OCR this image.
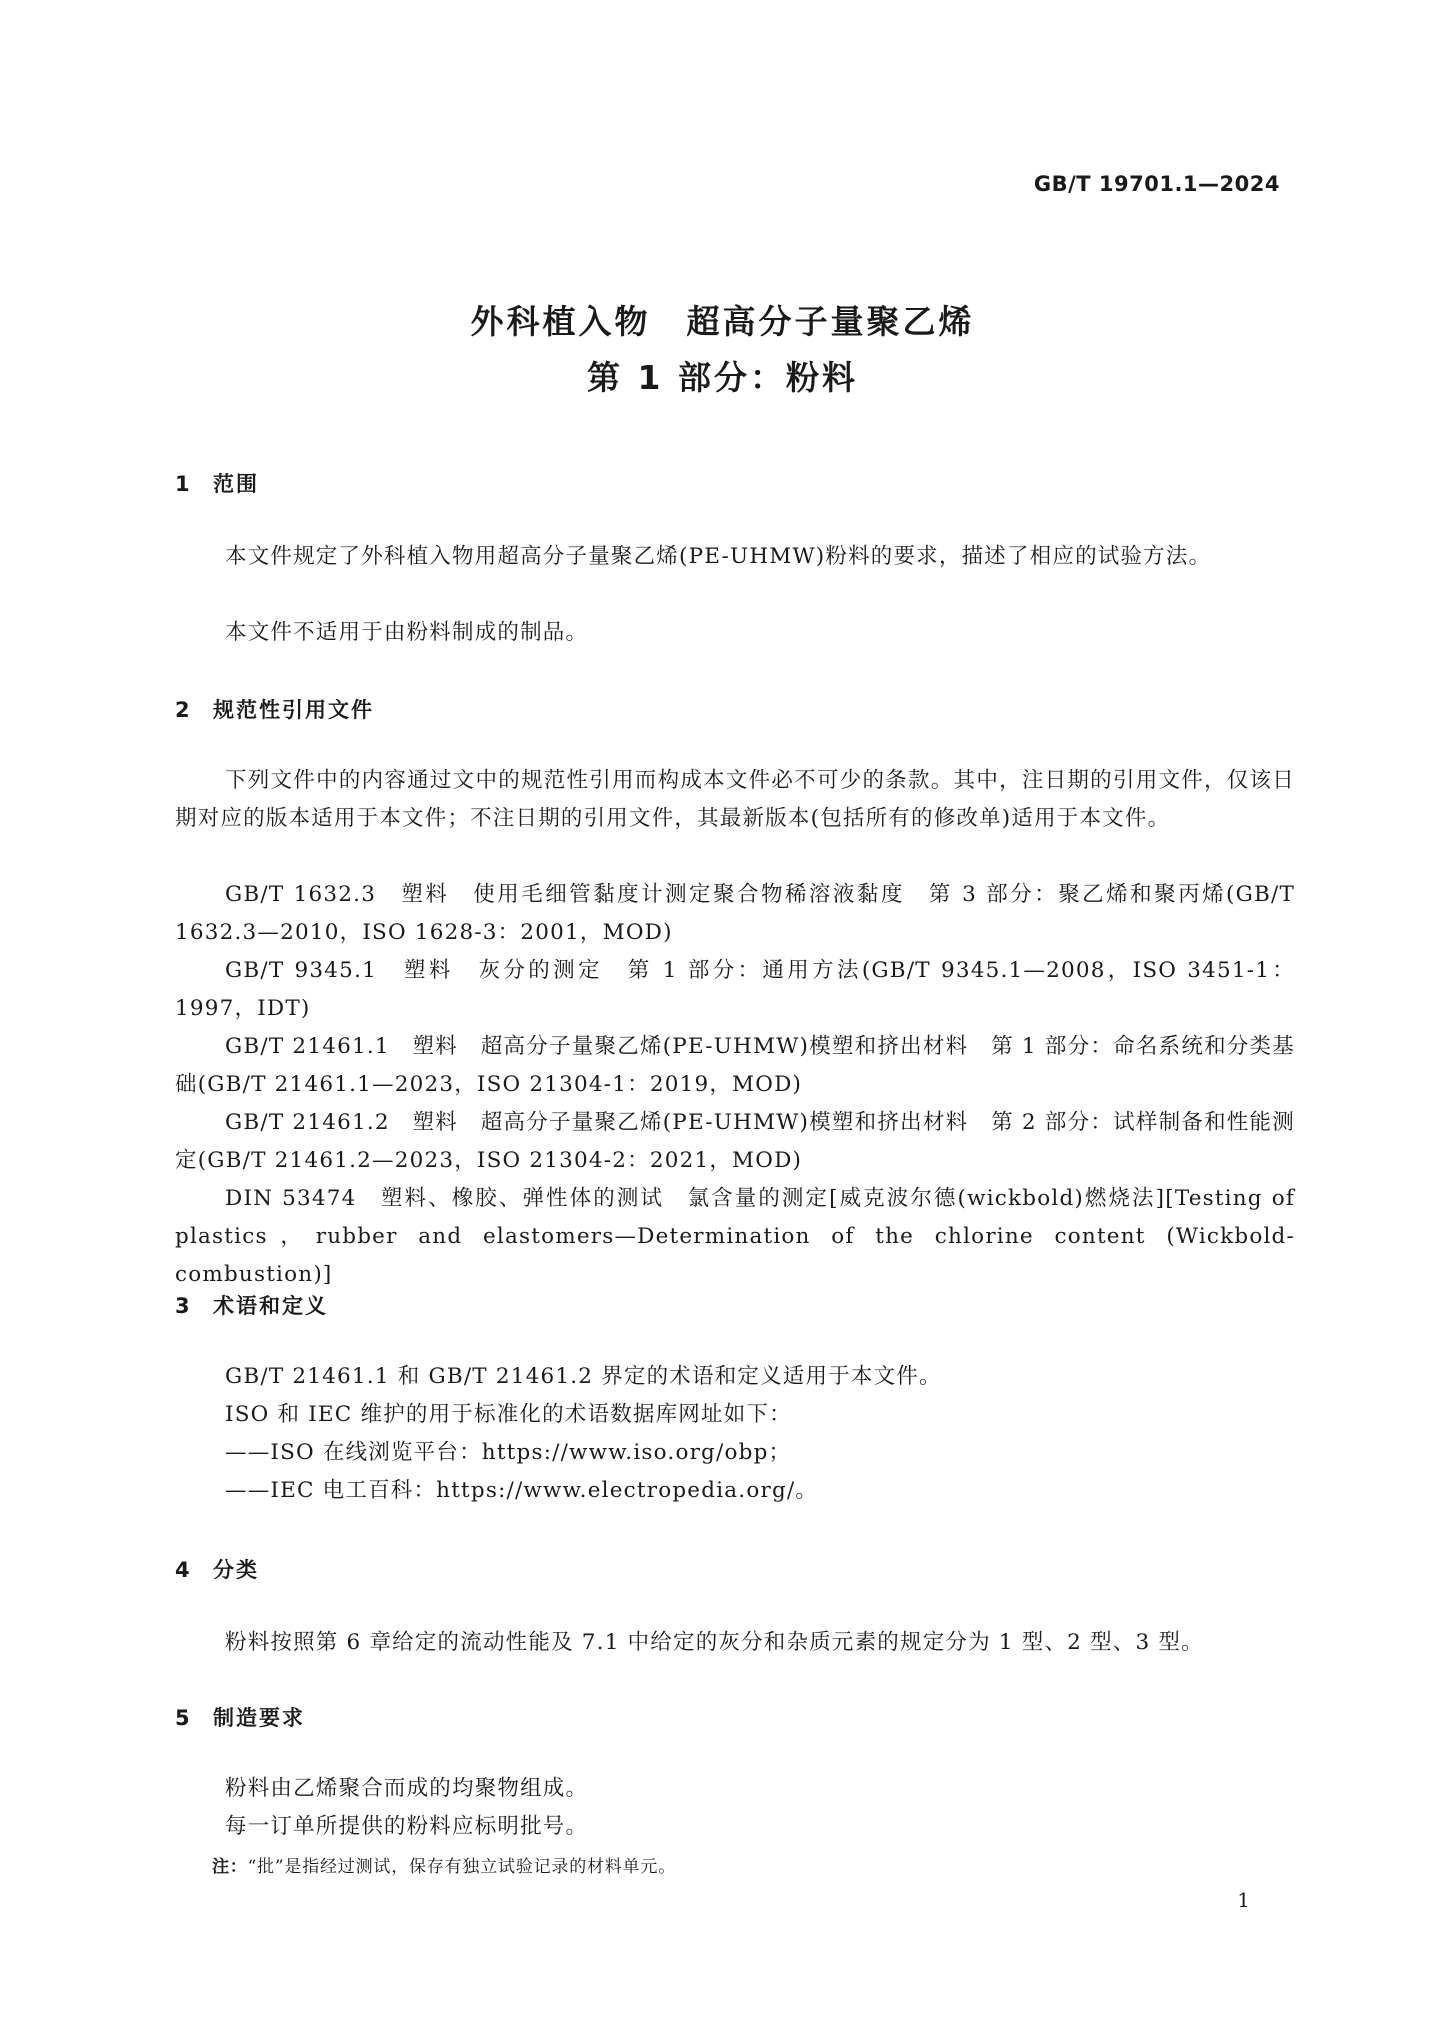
GB/T 19701.1—2024
外科植入物　超高分子量聚乙烯
第 1 部分：粉料
1 范围

本文件规定了外科植入物用超高分子量聚乙烯(PE-UHMW)粉料的要求，描述了相应的试验方法。

本文件不适用于由粉料制成的制品。

2 规范性引用文件

下列文件中的内容通过文中的规范性引用而构成本文件必不可少的条款。其中，注日期的引用文件，仅该日期对应的版本适用于本文件；不注日期的引用文件，其最新版本(包括所有的修改单)适用于本文件。

GB/T 1632.3　塑料　使用毛细管黏度计测定聚合物稀溶液黏度　第 3 部分：聚乙烯和聚丙烯(GB/T 1632.3—2010，ISO 1628-3：2001，MOD)

GB/T 9345.1　塑料　灰分的测定　第 1 部分：通用方法(GB/T 9345.1—2008，ISO 3451-1：1997，IDT)

GB/T 21461.1　塑料　超高分子量聚乙烯(PE-UHMW)模塑和挤出材料　第 1 部分：命名系统和分类基础(GB/T 21461.1—2023，ISO 21304-1：2019，MOD)

GB/T 21461.2　塑料　超高分子量聚乙烯(PE-UHMW)模塑和挤出材料　第 2 部分：试样制备和性能测定(GB/T 21461.2—2023，ISO 21304-2：2021，MOD)

DIN 53474　塑料、橡胶、弹性体的测试　氯含量的测定[威克波尔德(wickbold)燃烧法][Testing of plastics，rubber and elastomers—Determination of the chlorine content (Wickbold-combustion)]

3 术语和定义

GB/T 21461.1 和 GB/T 21461.2 界定的术语和定义适用于本文件。

ISO 和 IEC 维护的用于标准化的术语数据库网址如下：

——ISO 在线浏览平台：https://www.iso.org/obp；

——IEC 电工百科：https://www.electropedia.org/。

4 分类

粉料按照第 6 章给定的流动性能及 7.1 中给定的灰分和杂质元素的规定分为 1 型、2 型、3 型。

5 制造要求

粉料由乙烯聚合而成的均聚物组成。

每一订单所提供的粉料应标明批号。

注：“批”是指经过测试，保存有独立试验记录的材料单元。
1
